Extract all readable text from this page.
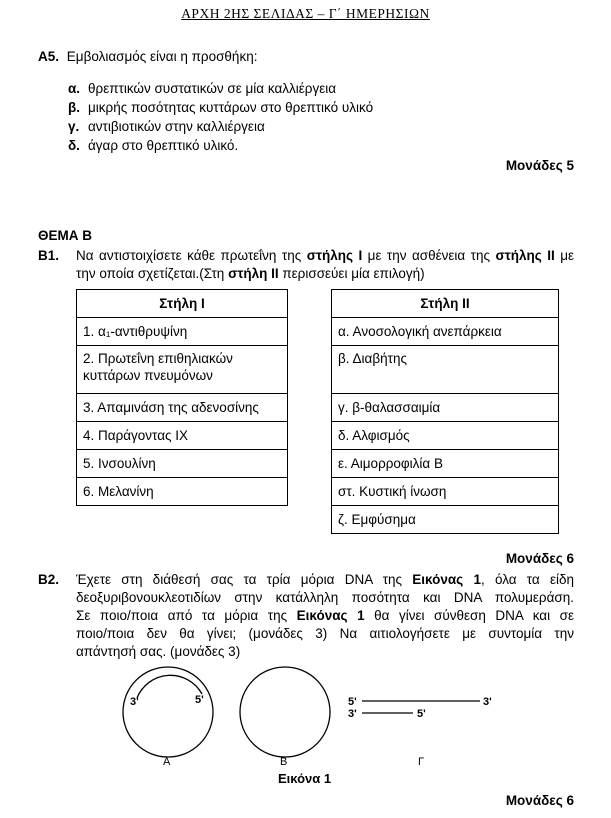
ΑΡΧΗ 2ΗΣ ΣΕΛΙΔΑΣ – Γ΄ ΗΜΕΡΗΣΙΩΝ
Α5. Εμβολιασμός είναι η προσθήκη:
α. θρεπτικών συστατικών σε μία καλλιέργεια
β. μικρής ποσότητας κυττάρων στο θρεπτικό υλικό
γ. αντιβιοτικών στην καλλιέργεια
δ. άγαρ στο θρεπτικό υλικό.
Μονάδες 5
ΘΕΜΑ Β
Β1. Να αντιστοιχίσετε κάθε πρωτεΐνη της στήλης Ι με την ασθένεια της στήλης ΙΙ με την οποία σχετίζεται.(Στη στήλη ΙΙ περισσεύει μία επιλογή)
Στήλη Ι
1. α₁-αντιθρυψίνη
2. Πρωτεΐνη επιθηλιακών κυττάρων πνευμόνων
3. Απαμινάση της αδενοσίνης
4. Παράγοντας ΙΧ
5. Ινσουλίνη
6. Μελανίνη
Στήλη ΙΙ
α. Ανοσολογική ανεπάρκεια
β. Διαβήτης
γ. β-θαλασσαιμία
δ. Αλφισμός
ε. Αιμορροφιλία Β
στ. Κυστική ίνωση
ζ. Εμφύσημα
Μονάδες 6
Β2. Έχετε στη διάθεσή σας τα τρία μόρια DNA της Εικόνας 1, όλα τα είδη
δεοξυριβονουκλεοτιδίων στην κατάλληλη ποσότητα και DNA πολυμεράση.
Σε ποιο/ποια από τα μόρια της Εικόνας 1 θα γίνει σύνθεση DNA και σε
ποιο/ποια δεν θα γίνει; (μονάδες 3) Να αιτιολογήσετε με συντομία την
απάντησή σας. (μονάδες 3)
3'	5'
Α	Β
5'	3'
3'	5'
Γ
Εικόνα 1
Μονάδες 6
